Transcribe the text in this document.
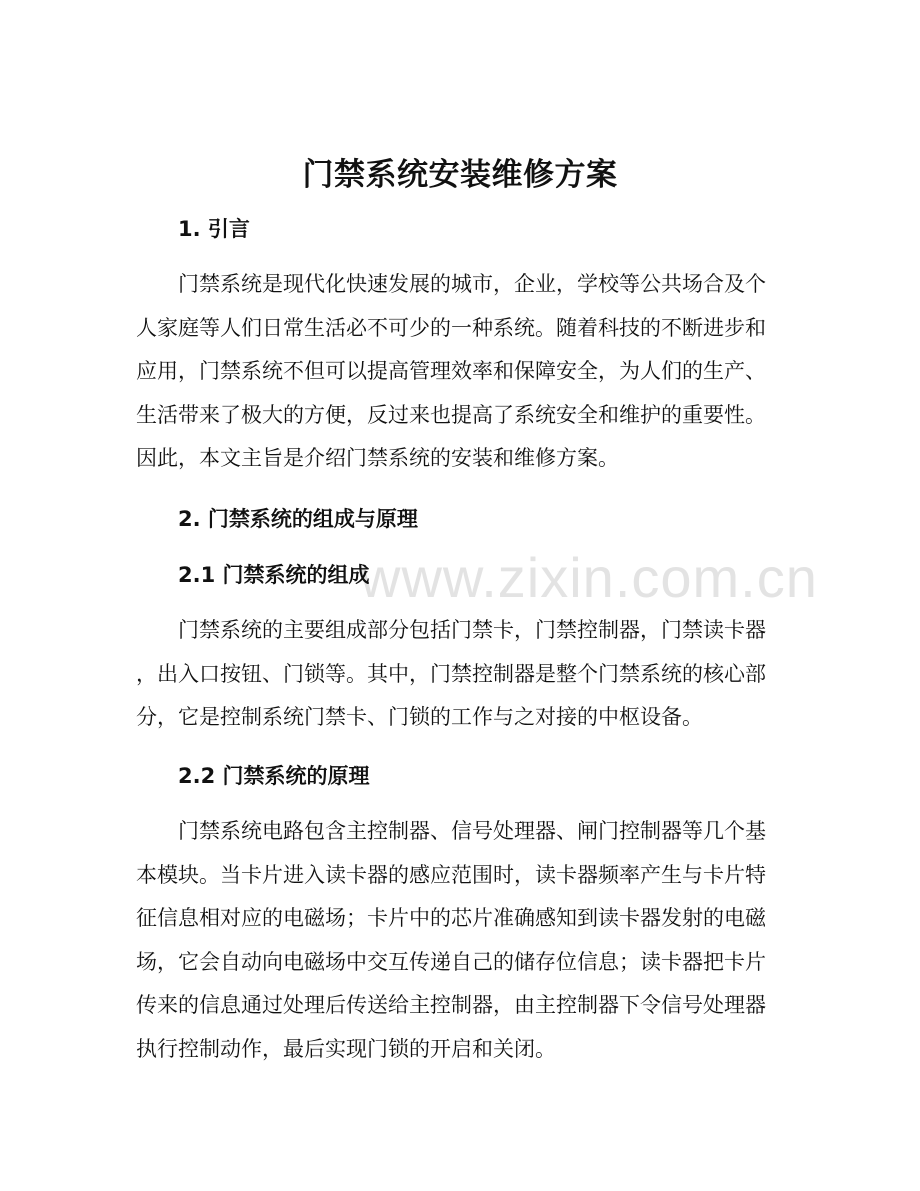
www.zixin.com.cn
门禁系统安装维修方案
1. 引言
门禁系统是现代化快速发展的城市，企业，学校等公共场合及个
人家庭等人们日常生活必不可少的一种系统。随着科技的不断进步和
应用，门禁系统不但可以提高管理效率和保障安全，为人们的生产、
生活带来了极大的方便，反过来也提高了系统安全和维护的重要性。
因此，本文主旨是介绍门禁系统的安装和维修方案。
2. 门禁系统的组成与原理
2.1 门禁系统的组成
门禁系统的主要组成部分包括门禁卡，门禁控制器，门禁读卡器
，出入口按钮、门锁等。其中，门禁控制器是整个门禁系统的核心部
分，它是控制系统门禁卡、门锁的工作与之对接的中枢设备。
2.2 门禁系统的原理
门禁系统电路包含主控制器、信号处理器、闸门控制器等几个基
本模块。当卡片进入读卡器的感应范围时，读卡器频率产生与卡片特
征信息相对应的电磁场；卡片中的芯片准确感知到读卡器发射的电磁
场，它会自动向电磁场中交互传递自己的储存位信息；读卡器把卡片
传来的信息通过处理后传送给主控制器，由主控制器下令信号处理器
执行控制动作，最后实现门锁的开启和关闭。
